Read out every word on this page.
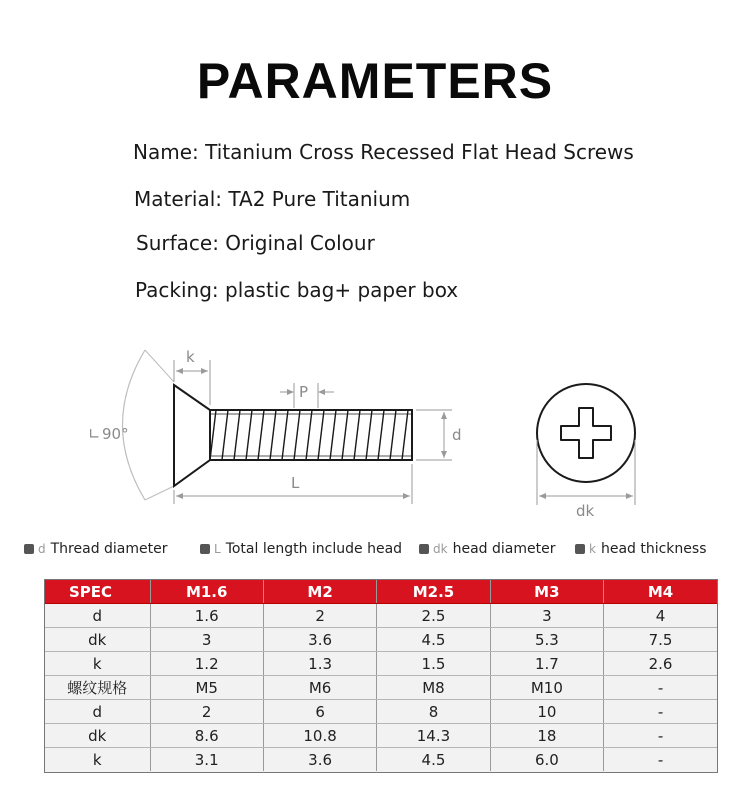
PARAMETERS
Name: Titanium Cross Recessed Flat Head Screws
Material: TA2 Pure Titanium
Surface: Original Colour
Packing: plastic bag+ paper box
∟ 90°
k
P
d
L
dk
d Thread diameter	L Total length include head	dk head diameter	k head thickness
SPEC	M1.6	M2	M2.5	M3	M4
d	1.6	2	2.5	3	4
dk	3	3.6	4.5	5.3	7.5
k	1.2	1.3	1.5	1.7	2.6
螺纹规格	M5	M6	M8	M10	-
d	2	6	8	10	-
dk	8.6	10.8	14.3	18	-
k	3.1	3.6	4.5	6.0	-
